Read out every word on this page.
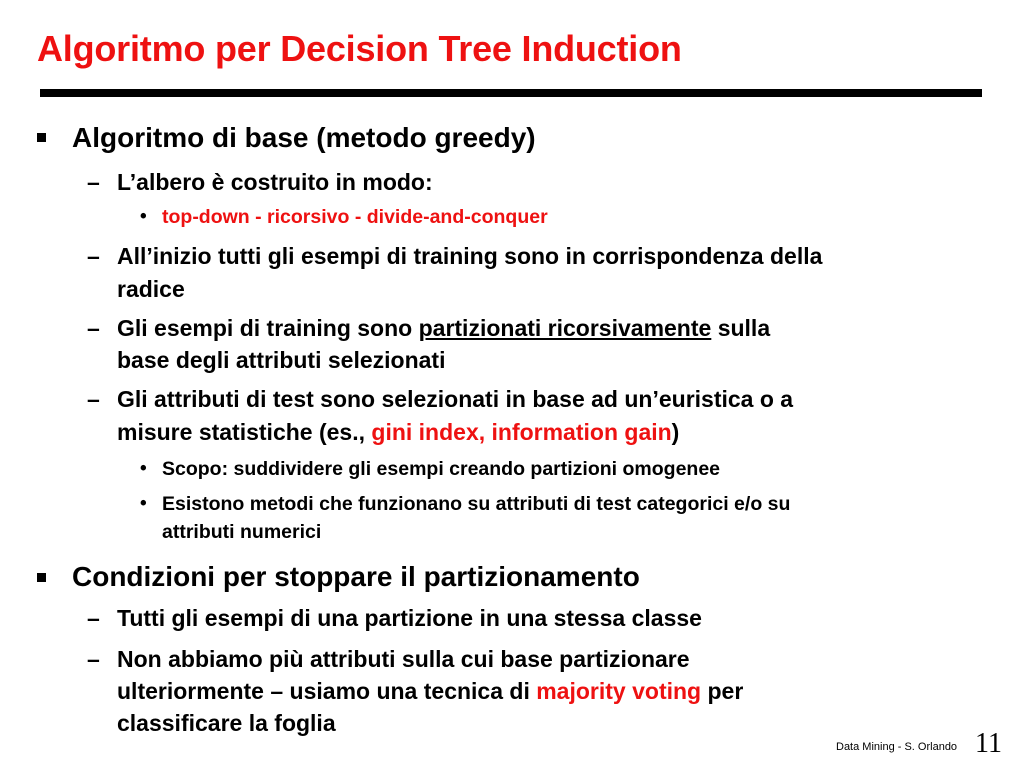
Algoritmo per Decision Tree Induction
Algoritmo di base (metodo greedy)
– L’albero è costruito in modo:
• top-down - ricorsivo - divide-and-conquer
– All’inizio tutti gli esempi di training sono in corrispondenza della
radice
– Gli esempi di training sono partizionati ricorsivamente sulla
base degli attributi selezionati
– Gli attributi di test sono selezionati in base ad un’euristica o a
misure statistiche (es., gini index, information gain)
• Scopo: suddividere gli esempi creando partizioni omogenee
• Esistono metodi che funzionano su attributi di test categorici e/o su
attributi numerici
Condizioni per stoppare il partizionamento
– Tutti gli esempi di una partizione in una stessa classe
– Non abbiamo più attributi sulla cui base partizionare
ulteriormente – usiamo una tecnica di majority voting per
classificare la foglia
Data Mining - S. Orlando 11
